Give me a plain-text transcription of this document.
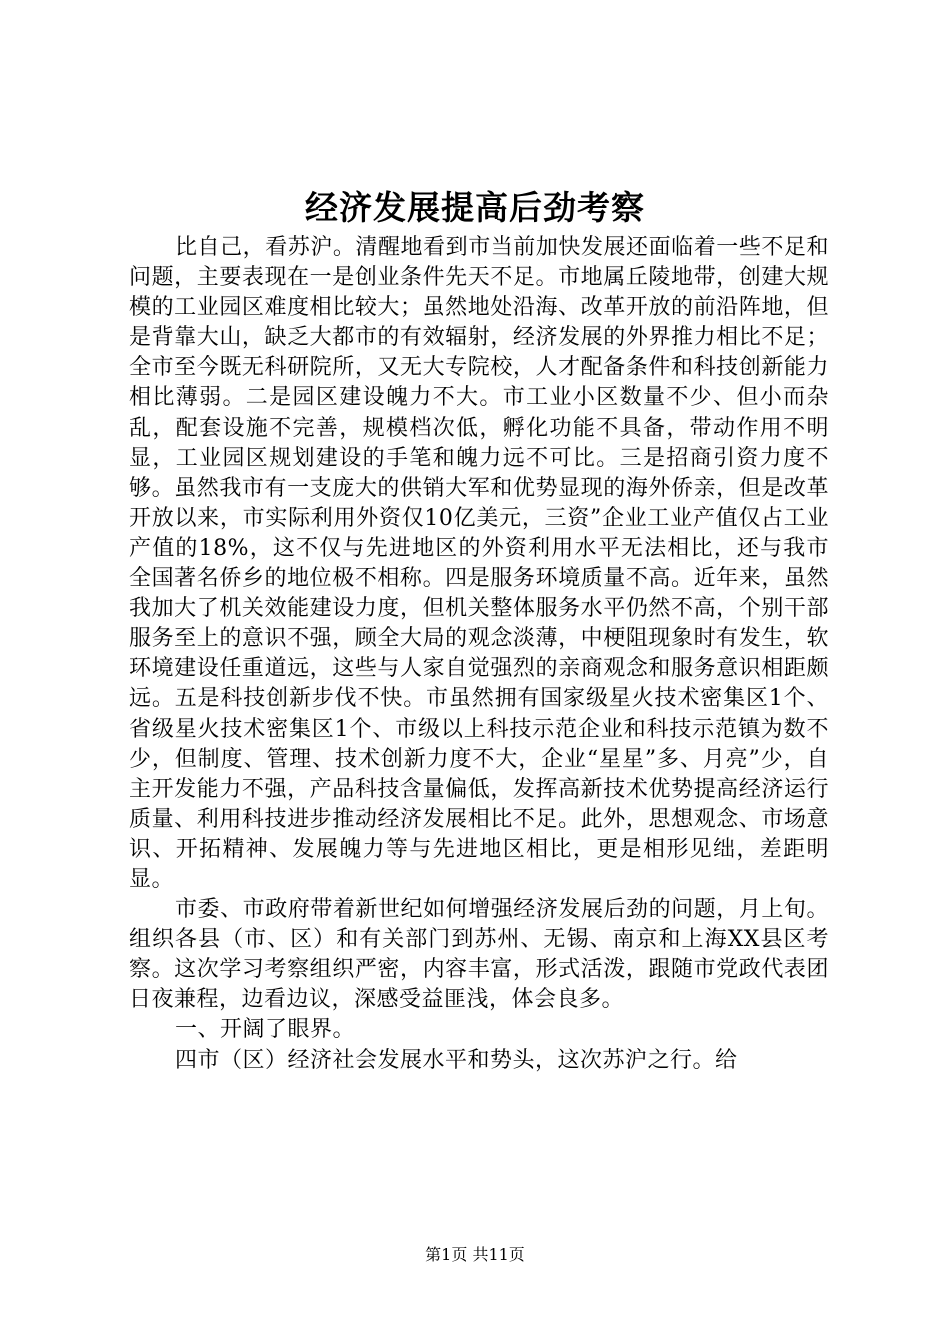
经济发展提高后劲考察

比自己，看苏沪。清醒地看到市当前加快发展还面临着一些不足和问题，主要表现在一是创业条件先天不足。市地属丘陵地带，创建大规模的工业园区难度相比较大；虽然地处沿海、改革开放的前沿阵地，但是背靠大山，缺乏大都市的有效辐射，经济发展的外界推力相比不足；全市至今既无科研院所，又无大专院校，人才配备条件和科技创新能力相比薄弱。二是园区建设魄力不大。市工业小区数量不少、但小而杂乱，配套设施不完善，规模档次低，孵化功能不具备，带动作用不明显，工业园区规划建设的手笔和魄力远不可比。三是招商引资力度不够。虽然我市有一支庞大的供销大军和优势显现的海外侨亲，但是改革开放以来，市实际利用外资仅10亿美元，三资”企业工业产值仅占工业产值的18%，这不仅与先进地区的外资利用水平无法相比，还与我市全国著名侨乡的地位极不相称。四是服务环境质量不高。近年来，虽然我加大了机关效能建设力度，但机关整体服务水平仍然不高，个别干部服务至上的意识不强，顾全大局的观念淡薄，中梗阻现象时有发生，软环境建设任重道远，这些与人家自觉强烈的亲商观念和服务意识相距颇远。五是科技创新步伐不快。市虽然拥有国家级星火技术密集区1个、省级星火技术密集区1个、市级以上科技示范企业和科技示范镇为数不少，但制度、管理、技术创新力度不大，企业“星星”多、月亮”少，自主开发能力不强，产品科技含量偏低，发挥高新技术优势提高经济运行质量、利用科技进步推动经济发展相比不足。此外，思想观念、市场意识、开拓精神、发展魄力等与先进地区相比，更是相形见绌，差距明显。

市委、市政府带着新世纪如何增强经济发展后劲的问题，月上旬。组织各县（市、区）和有关部门到苏州、无锡、南京和上海XX县区考察。这次学习考察组织严密，内容丰富，形式活泼，跟随市党政代表团日夜兼程，边看边议，深感受益匪浅，体会良多。

一、开阔了眼界。

四市（区）经济社会发展水平和势头，这次苏沪之行。给

第1页 共11页
